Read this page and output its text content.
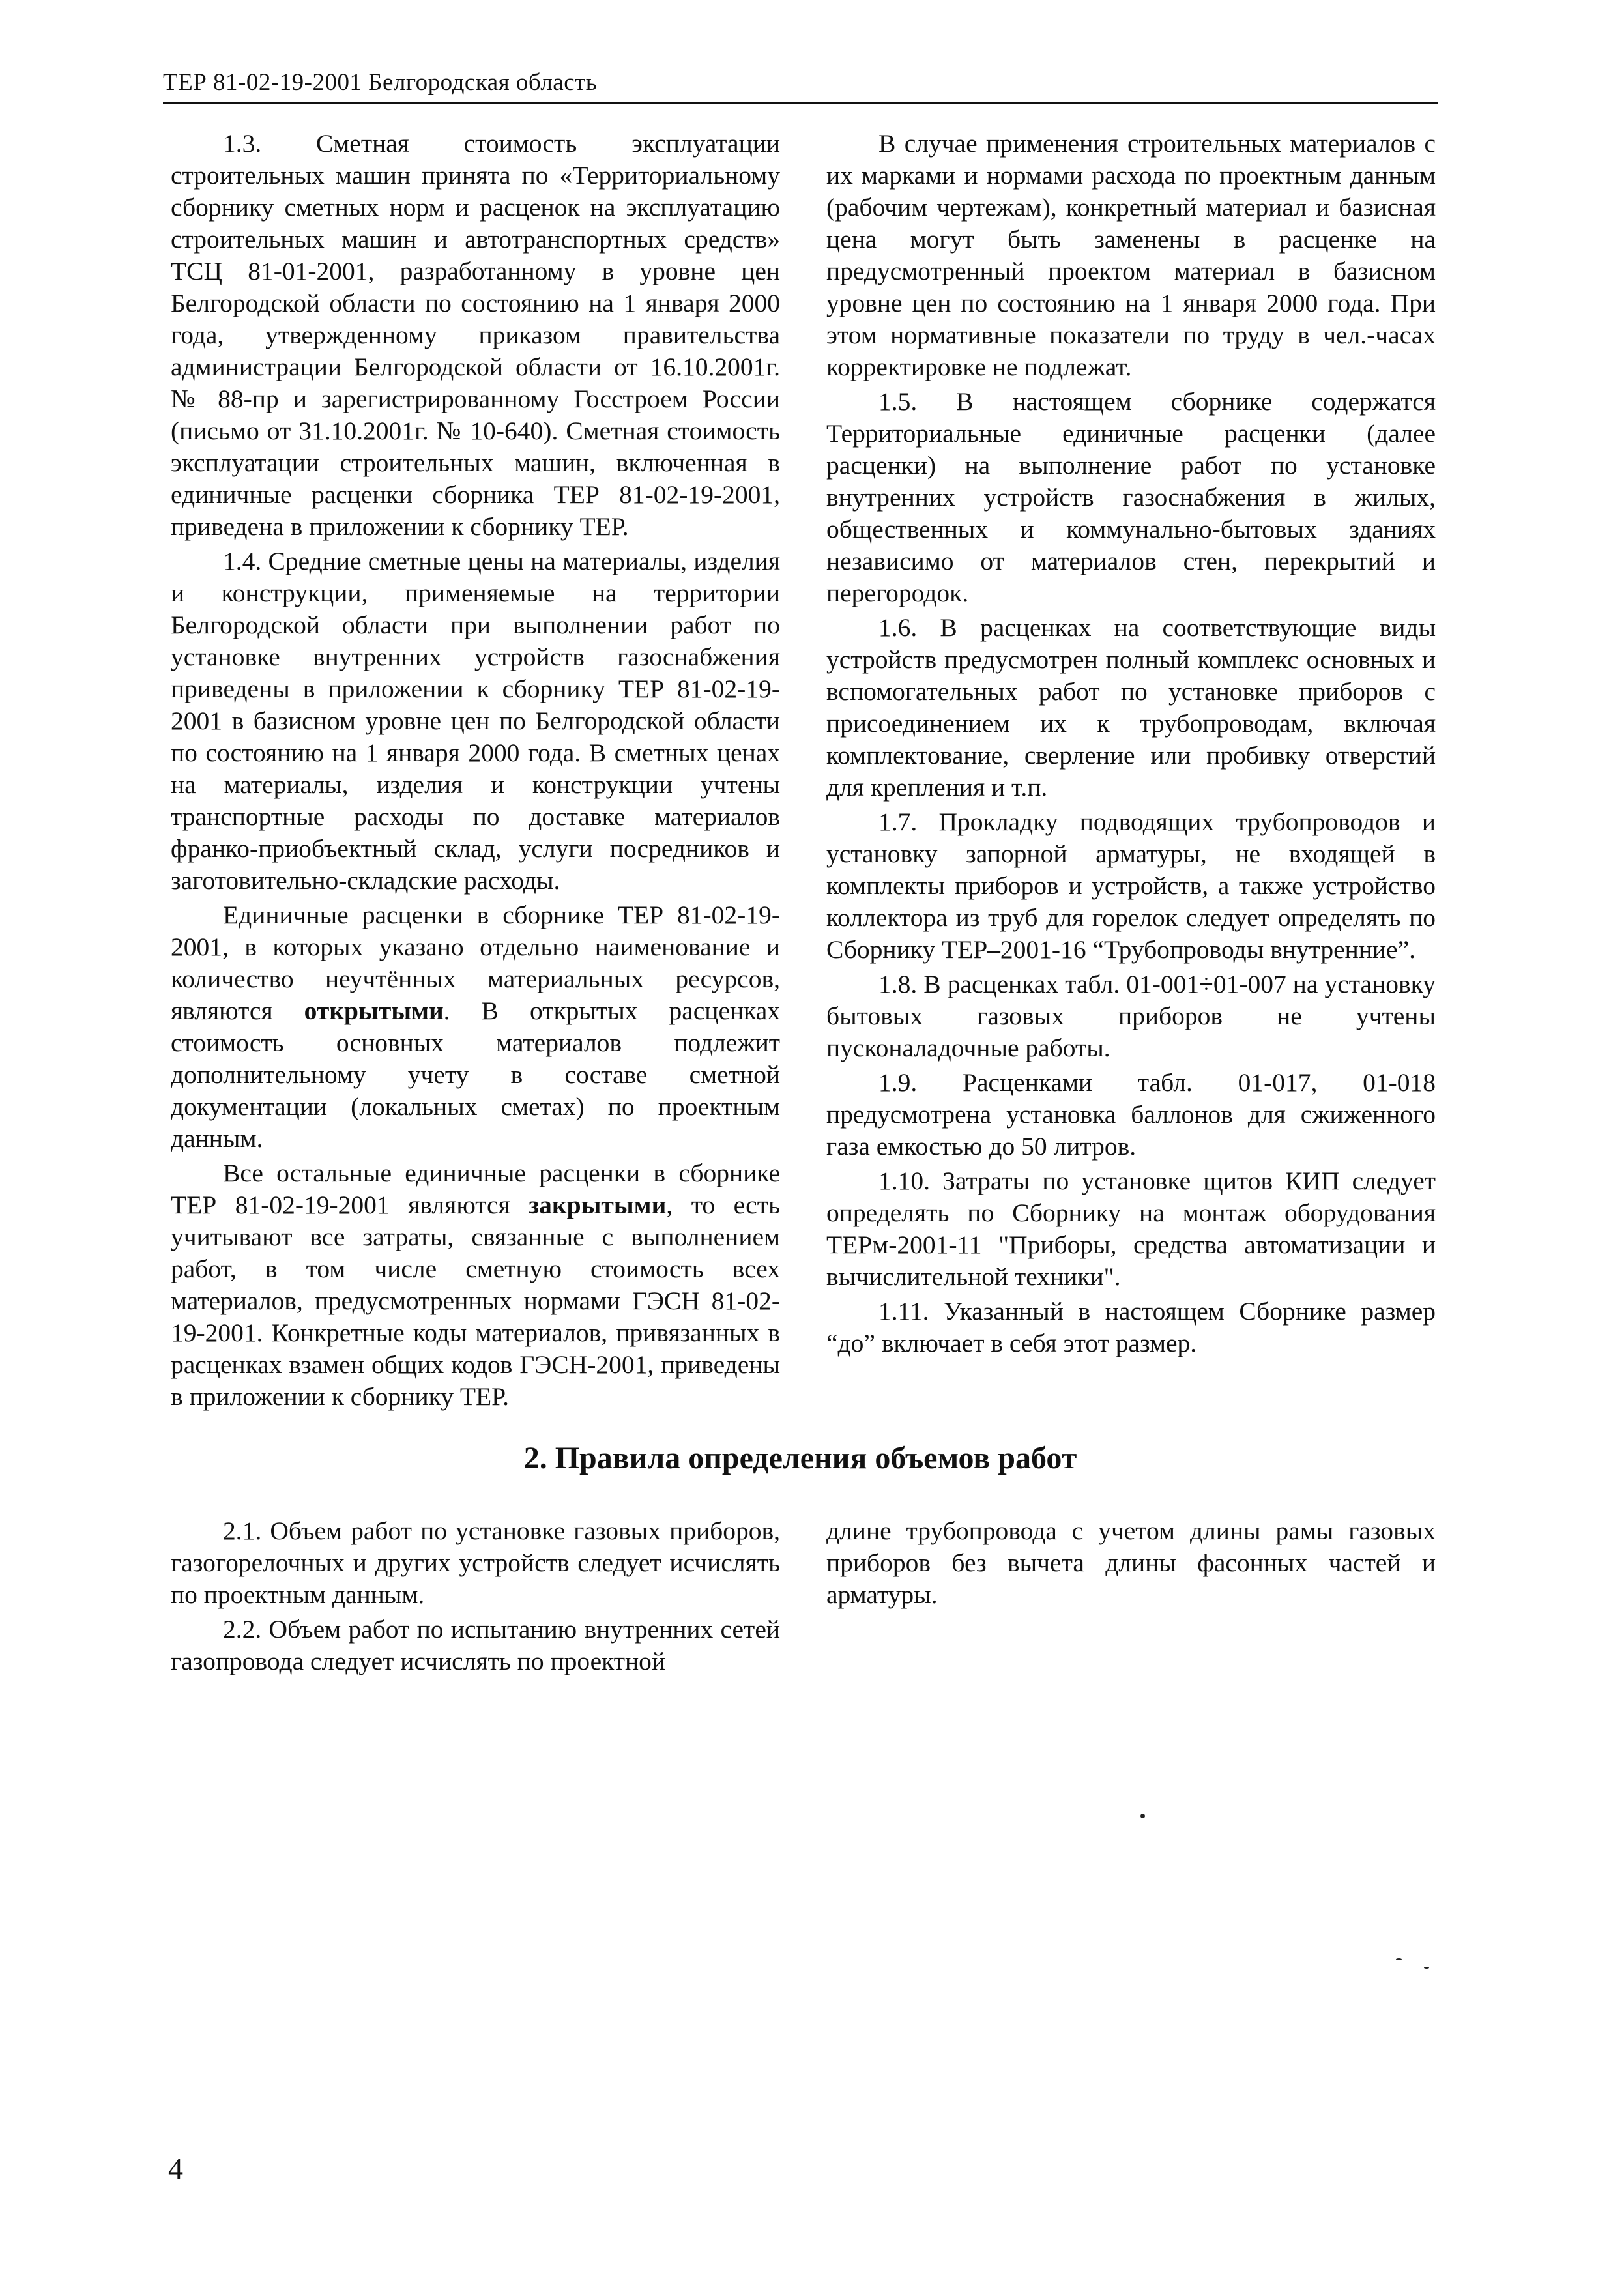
ТЕР 81-02-19-2001 Белгородская область

1.3. Сметная стоимость эксплуатации строительных машин принята по «Территориальному сборнику сметных норм и расценок на эксплуатацию строительных машин и автотранспортных средств» ТСЦ 81-01-2001, разработанному в уровне цен Белгородской области по состоянию на 1 января 2000 года, утвержденному приказом правительства администрации Белгородской области от 16.10.2001г. № 88-пр и зарегистрированному Госстроем России (письмо от 31.10.2001г. № 10-640). Сметная стоимость эксплуатации строительных машин, включенная в единичные расценки сборника ТЕР 81-02-19-2001, приведена в приложении к сборнику ТЕР.

1.4. Средние сметные цены на материалы, изделия и конструкции, применяемые на территории Белгородской области при выполнении работ по установке внутренних устройств газоснабжения приведены в приложении к сборнику ТЕР 81-02-19-2001 в базисном уровне цен по Белгородской области по состоянию на 1 января 2000 года. В сметных ценах на материалы, изделия и конструкции учтены транспортные расходы по доставке материалов франко-приобъектный склад, услуги посредников и заготовительно-складские расходы.

Единичные расценки в сборнике ТЕР 81-02-19-2001, в которых указано отдельно наименование и количество неучтённых материальных ресурсов, являются открытыми. В открытых расценках стоимость основных материалов подлежит дополнительному учету в составе сметной документации (локальных сметах) по проектным данным.

Все остальные единичные расценки в сборнике ТЕР 81-02-19-2001 являются закрытыми, то есть учитывают все затраты, связанные с выполнением работ, в том числе сметную стоимость всех материалов, предусмотренных нормами ГЭСН 81-02-19-2001. Конкретные коды материалов, привязанных в расценках взамен общих кодов ГЭСН-2001, приведены в приложении к сборнику ТЕР.

В случае применения строительных материалов с их марками и нормами расхода по проектным данным (рабочим чертежам), конкретный материал и базисная цена могут быть заменены в расценке на предусмотренный проектом материал в базисном уровне цен по состоянию на 1 января 2000 года. При этом нормативные показатели по труду в чел.-часах корректировке не подлежат.

1.5. В настоящем сборнике содержатся Территориальные единичные расценки (далее расценки) на выполнение работ по установке внутренних устройств газоснабжения в жилых, общественных и коммунально-бытовых зданиях независимо от материалов стен, перекрытий и перегородок.

1.6. В расценках на соответствующие виды устройств предусмотрен полный комплекс основных и вспомогательных работ по установке приборов с присоединением их к трубопроводам, включая комплектование, сверление или пробивку отверстий для крепления и т.п.

1.7. Прокладку подводящих трубопроводов и установку запорной арматуры, не входящей в комплекты приборов и устройств, а также устройство коллектора из труб для горелок следует определять по Сборнику ТЕР–2001-16 “Трубопроводы внутренние”.

1.8. В расценках табл. 01-001÷01-007 на установку бытовых газовых приборов не учтены пусконаладочные работы.

1.9. Расценками табл. 01-017, 01-018 предусмотрена установка баллонов для сжиженного газа емкостью до 50 литров.

1.10. Затраты по установке щитов КИП следует определять по Сборнику на монтаж оборудования ТЕРм-2001-11 "Приборы, средства автоматизации и вычислительной техники".

1.11. Указанный в настоящем Сборнике размер “до” включает в себя этот размер.

2. Правила определения объемов работ

2.1. Объем работ по установке газовых приборов, газогорелочных и других устройств следует исчислять по проектным данным.

2.2. Объем работ по испытанию внутренних сетей газопровода следует исчислять по проектной

длине трубопровода с учетом длины рамы газовых приборов без вычета длины фасонных частей и арматуры.

4
